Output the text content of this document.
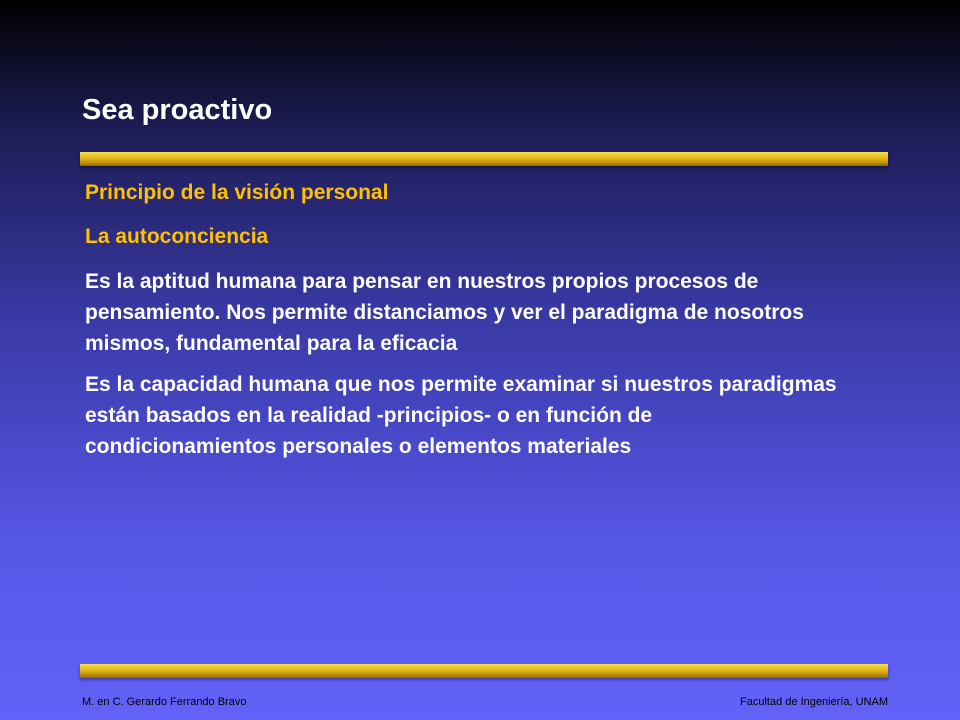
Sea proactivo

Principio de la visión personal

La autoconciencia

Es la aptitud humana para pensar en nuestros propios procesos de pensamiento. Nos permite distanciamos y ver el paradigma de nosotros mismos, fundamental para la eficacia

Es la capacidad humana que nos permite examinar si nuestros paradigmas están basados en la realidad -principios- o en función de condicionamientos personales o elementos materiales

M. en C. Gerardo Ferrando Bravo	Facultad de Ingeniería, UNAM
